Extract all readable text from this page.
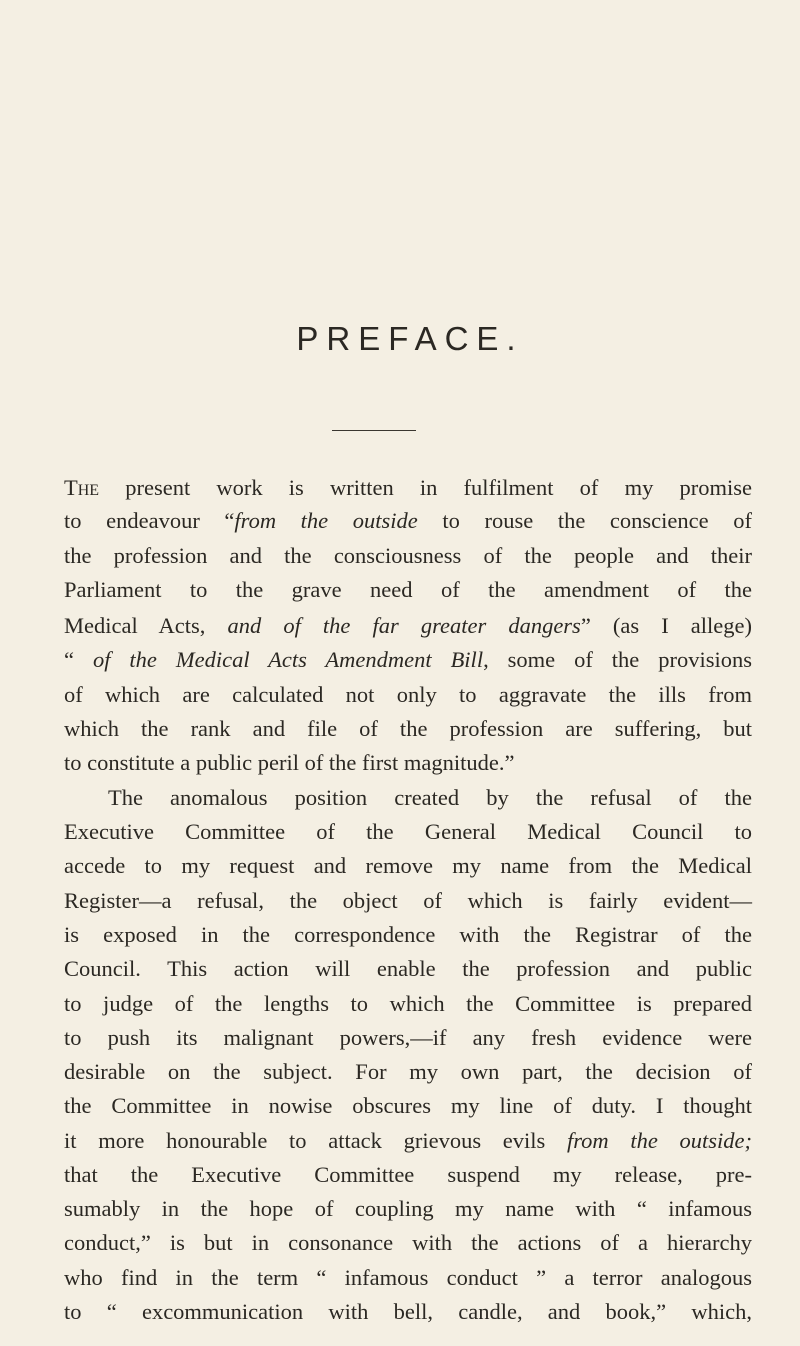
PREFACE.
The present work is written in fulfilment of my promise
to endeavour “from the outside to rouse the conscience of
the profession and the consciousness of the people and their
Parliament to the grave need of the amendment of the
Medical Acts, and of the far greater dangers” (as I allege)
“ of the Medical Acts Amendment Bill, some of the provisions
of which are calculated not only to aggravate the ills from
which the rank and file of the profession are suffering, but
to constitute a public peril of the first magnitude.”
The anomalous position created by the refusal of the
Executive Committee of the General Medical Council to
accede to my request and remove my name from the Medical
Register—a refusal, the object of which is fairly evident—
is exposed in the correspondence with the Registrar of the
Council. This action will enable the profession and public
to judge of the lengths to which the Committee is prepared
to push its malignant powers,—if any fresh evidence were
desirable on the subject. For my own part, the decision of
the Committee in nowise obscures my line of duty. I thought
it more honourable to attack grievous evils from the outside;
that the Executive Committee suspend my release, pre-
sumably in the hope of coupling my name with “ infamous
conduct,” is but in consonance with the actions of a hierarchy
who find in the term “ infamous conduct ” a terror analogous
to “ excommunication with bell, candle, and book,” which,
